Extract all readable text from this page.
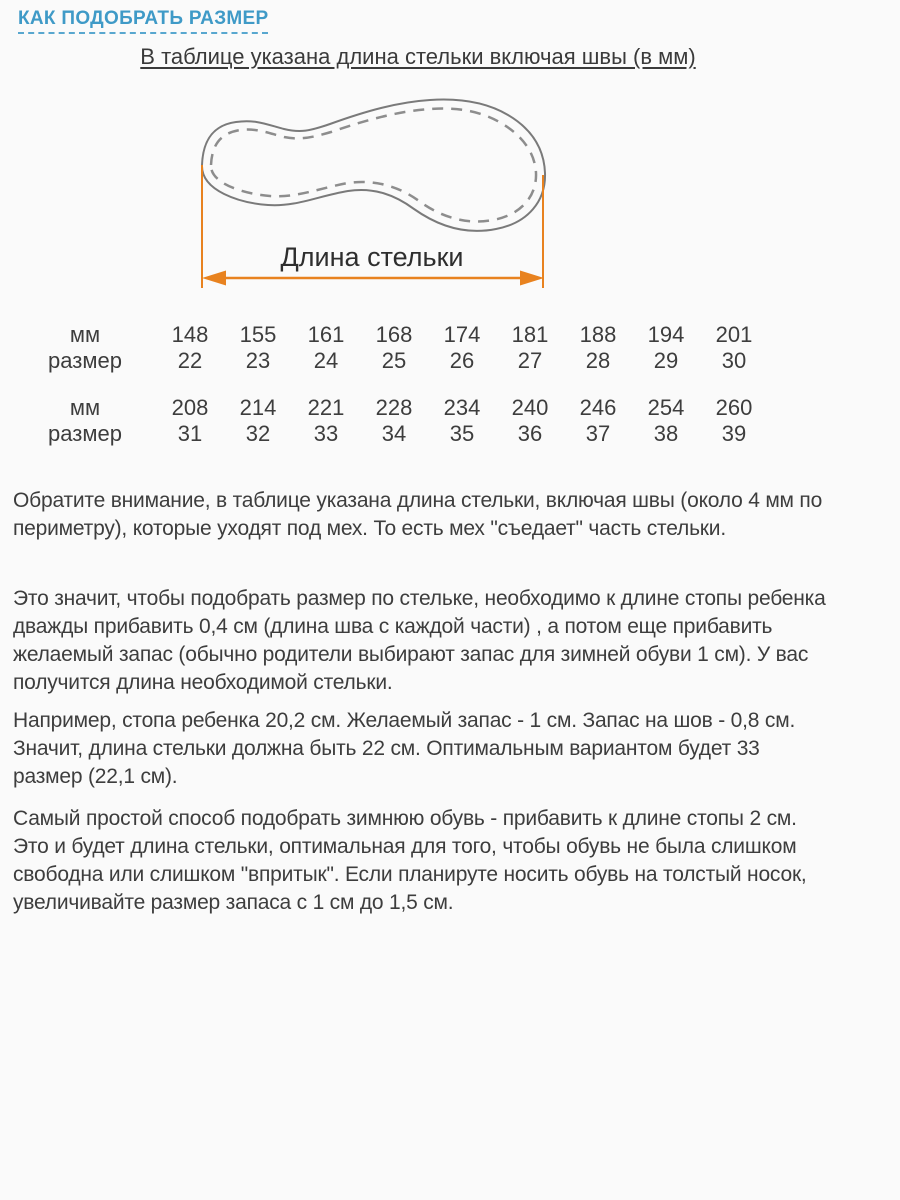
КАК ПОДОБРАТЬ РАЗМЕР
В таблице указана длина стельки включая швы (в мм)
Длина стельки
мм	148	155	161	168	174	181	188	194	201
размер	22	23	24	25	26	27	28	29	30
мм	208	214	221	228	234	240	246	254	260
размер	31	32	33	34	35	36	37	38	39

Обратите внимание, в таблице указана длина стельки, включая швы (около 4 мм по периметру), которые уходят под мех. То есть мех "съедает" часть стельки.

Это значит, чтобы подобрать размер по стельке, необходимо к длине стопы ребенка дважды прибавить 0,4 см (длина шва с каждой части) , а потом еще прибавить желаемый запас (обычно родители выбирают запас для зимней обуви 1 см). У вас получится длина необходимой стельки.

Например, стопа ребенка 20,2 см. Желаемый запас - 1 см. Запас на шов - 0,8 см. Значит, длина стельки должна быть 22 см. Оптимальным вариантом будет 33 размер (22,1 см).

Самый простой способ подобрать зимнюю обувь - прибавить к длине стопы 2 см. Это и будет длина стельки, оптимальная для того, чтобы обувь не была слишком свободна или слишком "впритык". Если планируте носить обувь на толстый носок, увеличивайте размер запаса с 1 см до 1,5 см.
